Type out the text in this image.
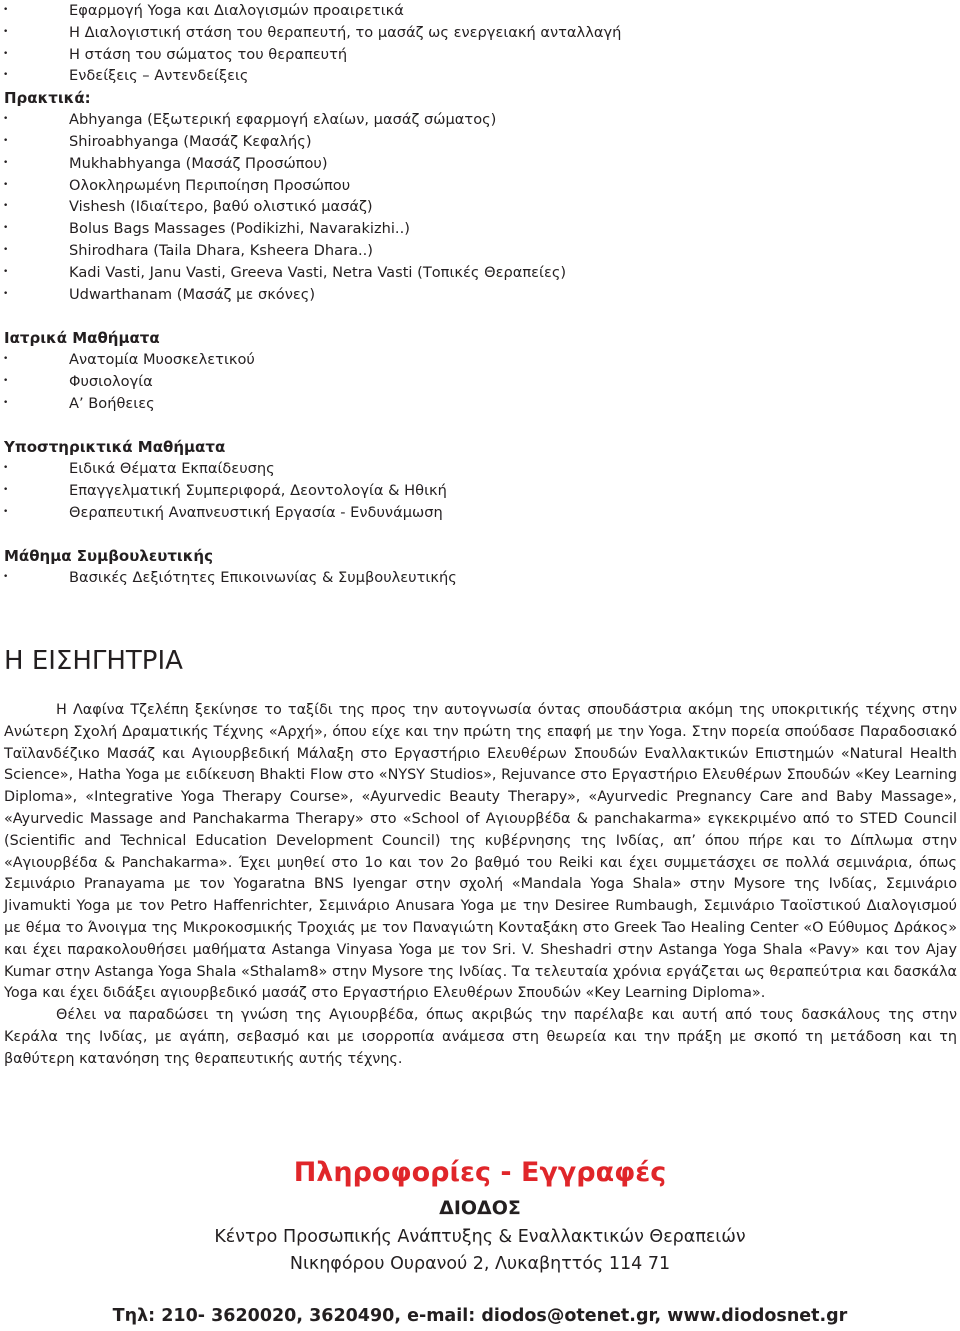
•	Εφαρμογή Yoga και Διαλογισμών προαιρετικά
•	Η Διαλογιστική στάση του θεραπευτή, το μασάζ ως ενεργειακή ανταλλαγή
•	Η στάση του σώματος του θεραπευτή
•	Ενδείξεις – Αντενδείξεις
Πρακτικά:
•	Abhyanga (Εξωτερική εφαρμογή ελαίων, μασάζ σώματος)
•	Shiroabhyanga (Μασάζ Κεφαλής)
•	Mukhabhyanga (Μασάζ Προσώπου)
•	Ολοκληρωμένη Περιποίηση Προσώπου
•	Vishesh (Ιδιαίτερο, βαθύ ολιστικό μασάζ)
•	Bolus Bags Massages (Podikizhi, Navarakizhi..)
•	Shirodhara (Taila Dhara, Ksheera Dhara..)
•	Kadi Vasti, Janu Vasti, Greeva Vasti, Netra Vasti (Τοπικές Θεραπείες)
•	Udwarthanam (Μασάζ με σκόνες)
Ιατρικά Μαθήματα
•	Ανατομία Μυοσκελετικού
•	Φυσιολογία
•	Α’ Βοήθειες
Υποστηρικτικά Μαθήματα
•	Ειδικά Θέματα Εκπαίδευσης
•	Επαγγελματική Συμπεριφορά, Δεοντολογία & Ηθική
•	Θεραπευτική Αναπνευστική Εργασία - Ενδυνάμωση
Μάθημα Συμβουλευτικής
•	Βασικές Δεξιότητες Επικοινωνίας & Συμβουλευτικής
Η ΕΙΣΗΓΗΤΡΙΑ

Η Λαφίνα Τζελέπη ξεκίνησε το ταξίδι της προς την αυτογνωσία όντας σπουδάστρια ακόμη της υποκριτικής τέχνης στην Ανώτερη Σχολή Δραματικής Τέχνης «Αρχή», όπου είχε και την πρώτη της επαφή με την Yoga. Στην πορεία σπούδασε Παραδοσιακό Ταϊλανδέζικο Μασάζ και Αγιουρβεδική Μάλαξη στο Εργαστήριο Ελευθέρων Σπουδών Εναλλακτικών Επιστημών «Natural Health Science», Hatha Yoga με ειδίκευση Bhakti Flow στο «NYSY Studios», Rejuvance στο Εργαστήριο Ελευθέρων Σπουδών «Key Learning Diploma», «Integrative Yoga Therapy Course», «Ayurvedic Beauty Therapy», «Ayurvedic Pregnancy Care and Baby Massage», «Ayurvedic Massage and Panchakarma Therapy» στο «School of Αγιουρβέδα & panchakarma» εγκεκριμένο από το STED Council (Scientific and Technical Education Development Council) της κυβέρνησης της Ινδίας, απ’ όπου πήρε και το Δίπλωμα στην «Αγιουρβέδα & Panchakarma». Έχει μυηθεί στο 1ο και τον 2ο βαθμό του Reiki και έχει συμμετάσχει σε πολλά σεμινάρια, όπως Σεμινάριο Pranayama με τον Yogaratna BNS Iyengar στην σχολή «Mandala Yoga Shala» στην Mysore της Ινδίας, Σεμινάριο Jivamukti Yoga με τον Petro Haffenrichter, Σεμινάριο Anusara Yoga με την Desiree Rumbaugh, Σεμινάριο Ταοϊστικού Διαλογισμού με θέμα το Άνοιγμα της Μικροκοσμικής Τροχιάς με τον Παναγιώτη Κονταξάκη στο Greek Tao Healing Center «Ο Εύθυμος Δράκος» και έχει παρακολουθήσει μαθήματα Astanga Vinyasa Yoga με τον Sri. V. Sheshadri στην Astanga Yoga Shala «Pavy» και τον Ajay Kumar στην Astanga Yoga Shala «Sthalam8» στην Mysore της Ινδίας. Τα τελευταία χρόνια εργάζεται ως θεραπεύτρια και δασκάλα Yoga και έχει διδάξει αγιουρβεδικό μασάζ στο Εργαστήριο Ελευθέρων Σπουδών «Key Learning Diploma».

Θέλει να παραδώσει τη γνώση της Αγιουρβέδα, όπως ακριβώς την παρέλαβε και αυτή από τους δασκάλους της στην Κεράλα της Ινδίας, με αγάπη, σεβασμό και με ισορροπία ανάμεσα στη θεωρεία και την πράξη με σκοπό τη μετάδοση και τη βαθύτερη κατανόηση της θεραπευτικής αυτής τέχνης.

Πληροφορίες - Εγγραφές
ΔΙΟΔΟΣ
Κέντρο Προσωπικής Ανάπτυξης & Εναλλακτικών Θεραπειών
Νικηφόρου Ουρανού 2, Λυκαβηττός 114 71
Τηλ: 210- 3620020, 3620490, e-mail: diodos@otenet.gr, www.diodosnet.gr
